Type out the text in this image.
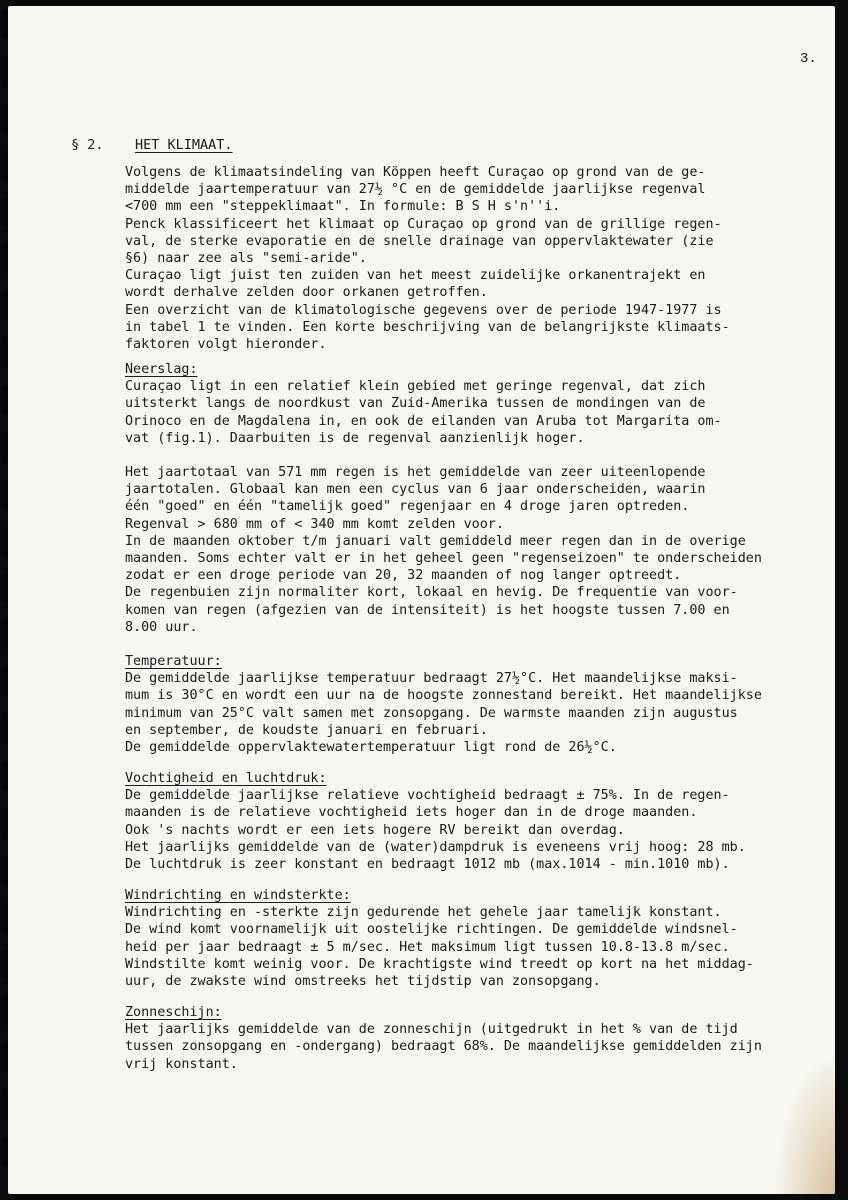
3.
§ 2. HET KLIMAAT.
Volgens de klimaatsindeling van Köppen heeft Curaçao op grond van de ge-
middelde jaartemperatuur van 27½ °C en de gemiddelde jaarlijkse regenval
<700 mm een "steppeklimaat". In formule: B S H s'n''i.
Penck klassificeert het klimaat op Curaçao op grond van de grillige regen-
val, de sterke evaporatie en de snelle drainage van oppervlaktewater (zie
§6) naar zee als "semi-aride".
Curaçao ligt juist ten zuiden van het meest zuidelijke orkanentrajekt en
wordt derhalve zelden door orkanen getroffen.
Een overzicht van de klimatologische gegevens over de periode 1947-1977 is
in tabel 1 te vinden. Een korte beschrijving van de belangrijkste klimaats-
faktoren volgt hieronder.
Neerslag:
Curaçao ligt in een relatief klein gebied met geringe regenval, dat zich
uitsterkt langs de noordkust van Zuid-Amerika tussen de mondingen van de
Orinoco en de Magdalena in, en ook de eilanden van Aruba tot Margarita om-
vat (fig.1). Daarbuiten is de regenval aanzienlijk hoger.
Het jaartotaal van 571 mm regen is het gemiddelde van zeer uiteenlopende
jaartotalen. Globaal kan men een cyclus van 6 jaar onderscheiden, waarin
één "goed" en één "tamelijk goed" regenjaar en 4 droge jaren optreden.
Regenval > 680 mm of < 340 mm komt zelden voor.
In de maanden oktober t/m januari valt gemiddeld meer regen dan in de overige
maanden. Soms echter valt er in het geheel geen "regenseizoen" te onderscheiden
zodat er een droge periode van 20, 32 maanden of nog langer optreedt.
De regenbuien zijn normaliter kort, lokaal en hevig. De frequentie van voor-
komen van regen (afgezien van de intensiteit) is het hoogste tussen 7.00 en
8.00 uur.
Temperatuur:
De gemiddelde jaarlijkse temperatuur bedraagt 27½°C. Het maandelijkse maksi-
mum is 30°C en wordt een uur na de hoogste zonnestand bereikt. Het maandelijkse
minimum van 25°C valt samen met zonsopgang. De warmste maanden zijn augustus
en september, de koudste januari en februari.
De gemiddelde oppervlaktewatertemperatuur ligt rond de 26½°C.
Vochtigheid en luchtdruk:
De gemiddelde jaarlijkse relatieve vochtigheid bedraagt ± 75%. In de regen-
maanden is de relatieve vochtigheid iets hoger dan in de droge maanden.
Ook 's nachts wordt er een iets hogere RV bereikt dan overdag.
Het jaarlijks gemiddelde van de (water)dampdruk is eveneens vrij hoog: 28 mb.
De luchtdruk is zeer konstant en bedraagt 1012 mb (max.1014 - min.1010 mb).
Windrichting en windsterkte:
Windrichting en -sterkte zijn gedurende het gehele jaar tamelijk konstant.
De wind komt voornamelijk uit oostelijke richtingen. De gemiddelde windsnel-
heid per jaar bedraagt ± 5 m/sec. Het maksimum ligt tussen 10.8-13.8 m/sec.
Windstilte komt weinig voor. De krachtigste wind treedt op kort na het middag-
uur, de zwakste wind omstreeks het tijdstip van zonsopgang.
Zonneschijn:
Het jaarlijks gemiddelde van de zonneschijn (uitgedrukt in het % van de tijd
tussen zonsopgang en -ondergang) bedraagt 68%. De maandelijkse gemiddelden zijn
vrij konstant.
